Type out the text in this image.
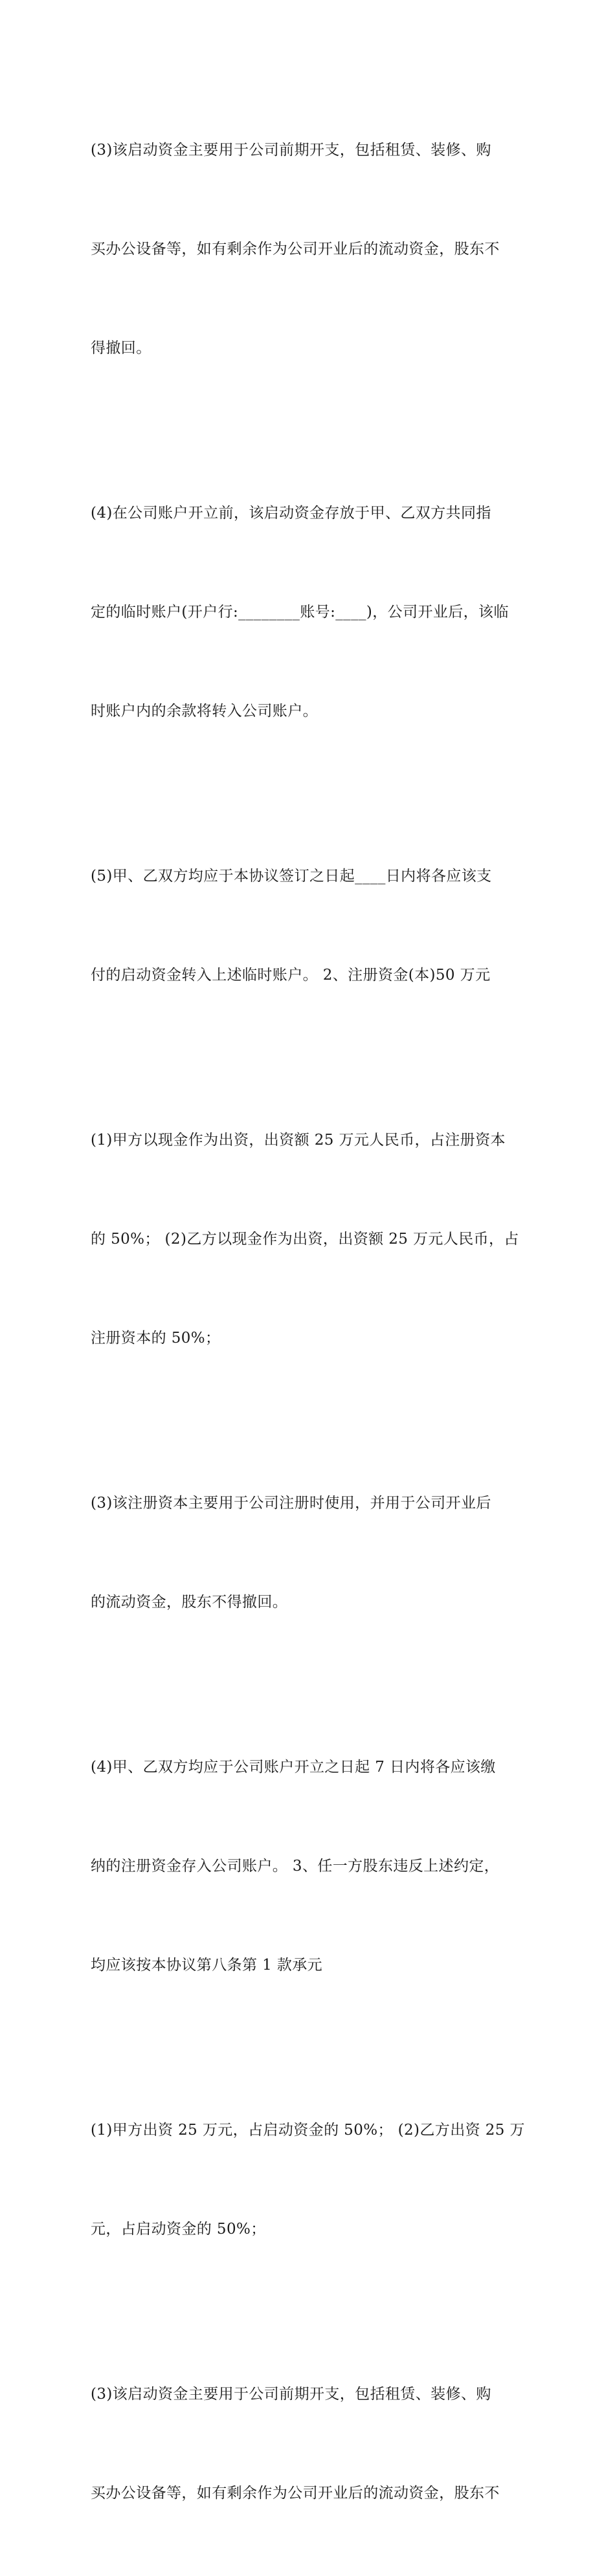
(3)该启动资金主要用于公司前期开支，包括租赁、装修、购

买办公设备等，如有剩余作为公司开业后的流动资金，股东不

得撤回。

(4)在公司账户开立前，该启动资金存放于甲、乙双方共同指

定的临时账户(开户行:________账号:____)，公司开业后，该临

时账户内的余款将转入公司账户。

(5)甲、乙双方均应于本协议签订之日起____日内将各应该支

付的启动资金转入上述临时账户。 2、注册资金(本)50 万元

(1)甲方以现金作为出资，出资额 25 万元人民币，占注册资本

的 50%； (2)乙方以现金作为出资，出资额 25 万元人民币，占

注册资本的 50%；

(3)该注册资本主要用于公司注册时使用，并用于公司开业后

的流动资金，股东不得撤回。

(4)甲、乙双方均应于公司账户开立之日起 7 日内将各应该缴

纳的注册资金存入公司账户。 3、任一方股东违反上述约定，

均应该按本协议第八条第 1 款承元

(1)甲方出资 25 万元，占启动资金的 50%； (2)乙方出资 25 万

元，占启动资金的 50%；

(3)该启动资金主要用于公司前期开支，包括租赁、装修、购

买办公设备等，如有剩余作为公司开业后的流动资金，股东不
